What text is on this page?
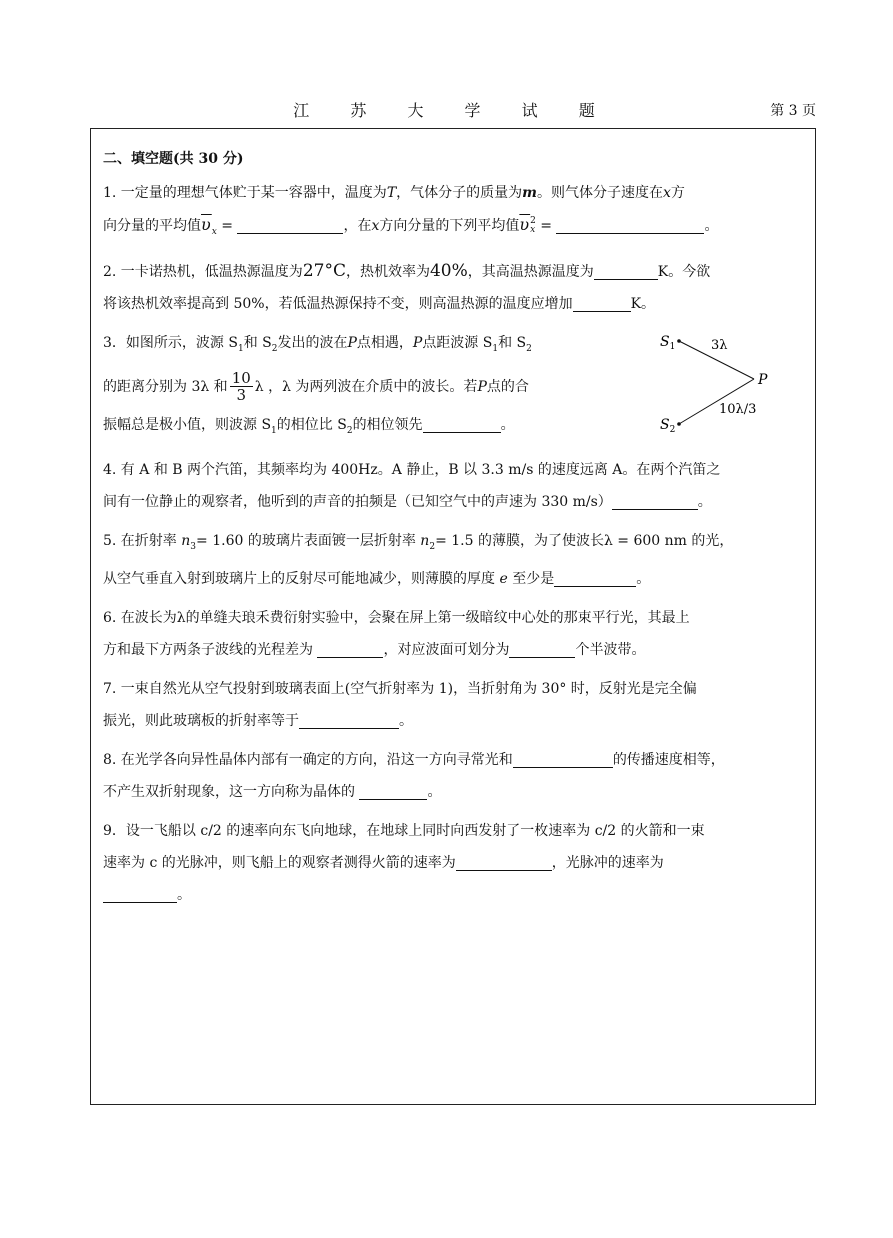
江 苏 大 学 试 题	第 3 页
二、填空题(共 30 分)
1. 一定量的理想气体贮于某一容器中，温度为T，气体分子的质量为m。则气体分子速度在x方
向分量的平均值$\overline{\upsilon}_x$ =	，在x方向分量的下列平均值$\overline{\upsilon}$ 2
x =	。
2. 一卡诺热机，低温热源温度为27°C，热机效率为40%，其高温热源温度为	K。今欲
将该热机效率提高到 50%，若低温热源保持不变，则高温热源的温度应增加	K。
3．如图所示，波源 $S_1$和 $S_2$发出的波在P点相遇，P点距波源 $S_1$和 $S_2$
的距离分别为 3λ 和 $\frac{10}{3}$ λ ，λ 为两列波在介质中的波长。若P点的合
振幅总是极小值，则波源 $S_1$的相位比 $S_2$的相位领先	。
$S_1$
$S_2$
P
3λ
10λ/3
4. 有 A 和 B 两个汽笛，其频率均为 400Hz。A 静止，B 以 3.3 m/s 的速度远离 A。在两个汽笛之
间有一位静止的观察者，他听到的声音的拍频是（已知空气中的声速为 330 m/s）	。
5. 在折射率 $n_3= 1.60$ 的玻璃片表面镀一层折射率 $n_2= 1.5$ 的薄膜，为了使波长λ = 600 nm 的光，
从空气垂直入射到玻璃片上的反射尽可能地减少，则薄膜的厚度 e 至少是	。
6. 在波长为λ的单缝夫琅禾费衍射实验中，会聚在屏上第一级暗纹中心处的那束平行光，其最上
方和最下方两条子波线的光程差为	，对应波面可划分为	个半波带。
7. 一束自然光从空气投射到玻璃表面上(空气折射率为 1)，当折射角为 30° 时，反射光是完全偏
振光，则此玻璃板的折射率等于	。
8. 在光学各向异性晶体内部有一确定的方向，沿这一方向寻常光和	的传播速度相等，
不产生双折射现象，这一方向称为晶体的	。
9．设一飞船以 c/2 的速率向东飞向地球，在地球上同时向西发射了一枚速率为 c/2 的火箭和一束
速率为 c 的光脉冲，则飞船上的观察者测得火箭的速率为	，光脉冲的速率为
。
